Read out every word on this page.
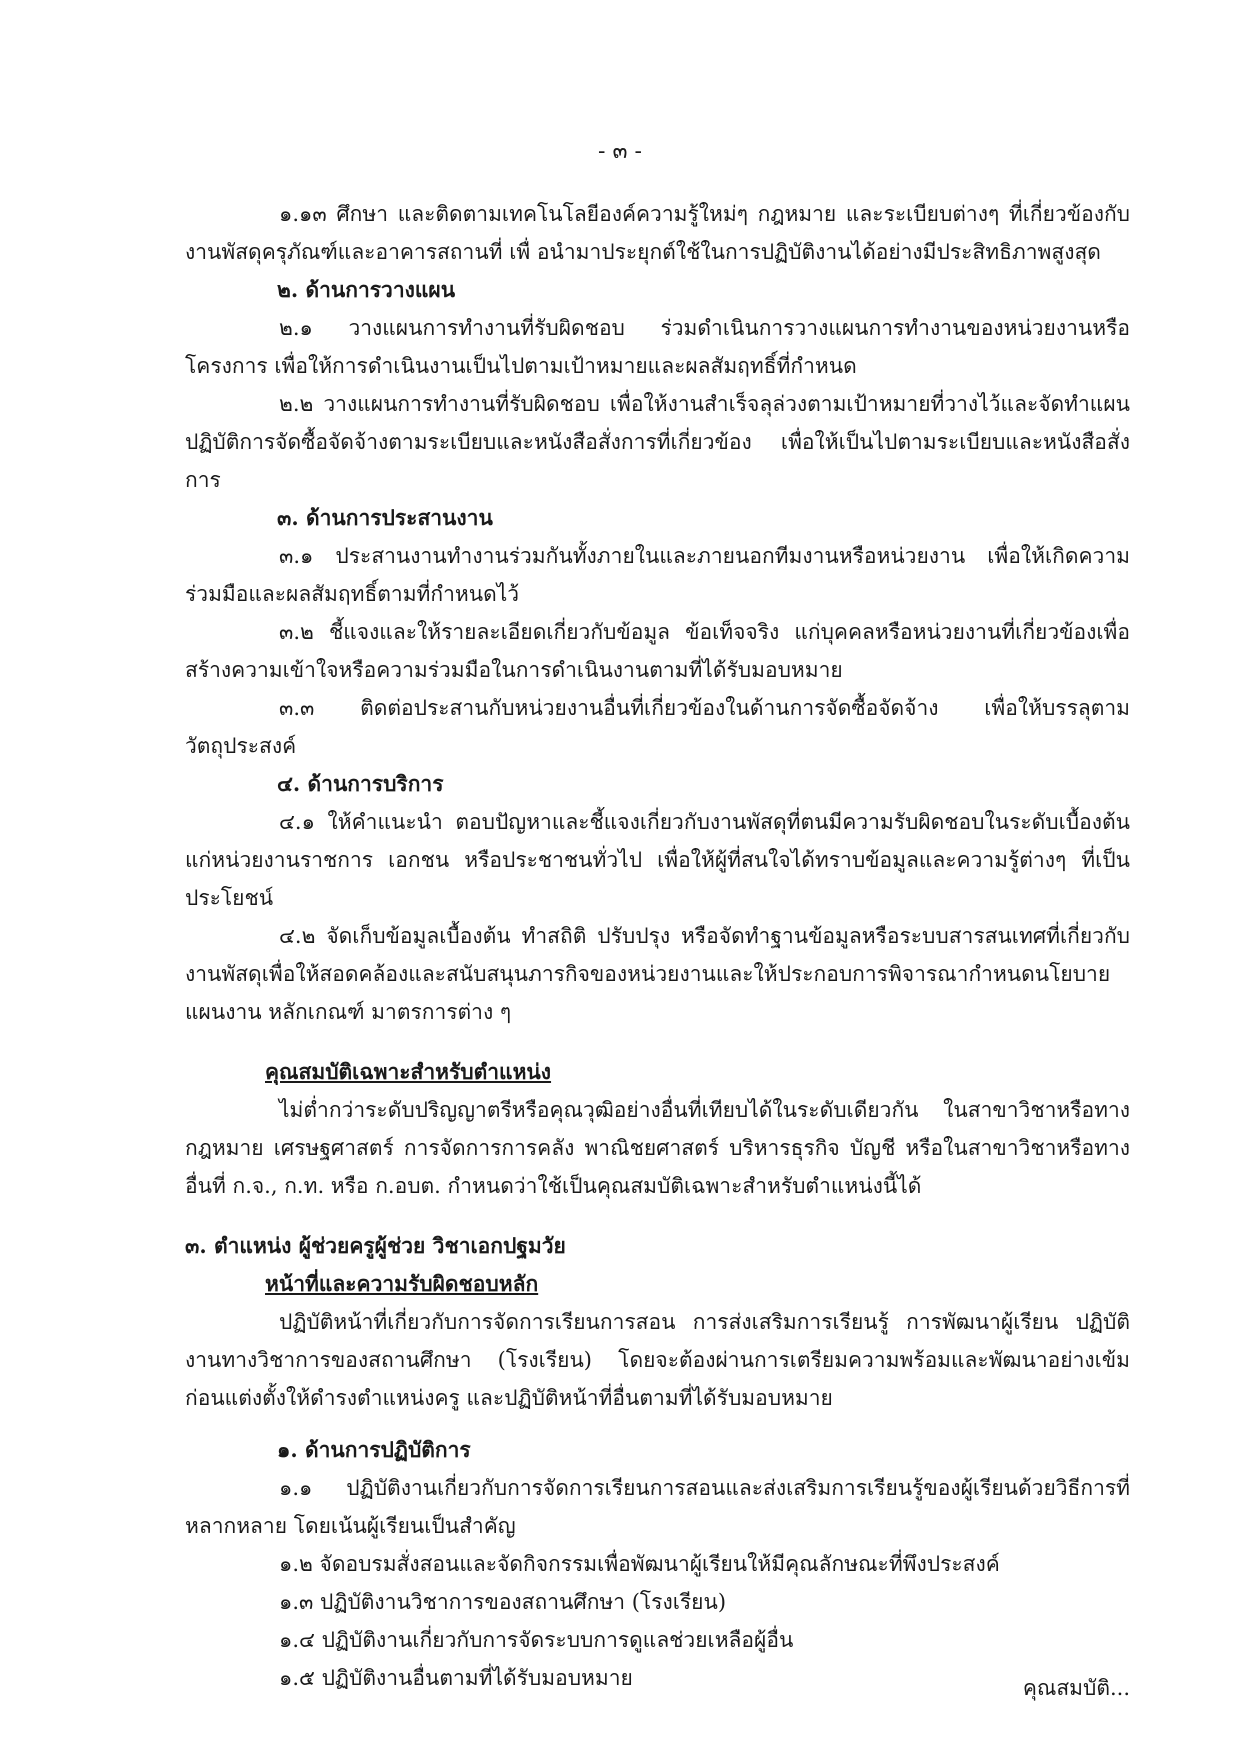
- ๓ -

๑.๑๓ ศึกษา และติดตามเทคโนโลยีองค์ความรู้ใหม่ๆ กฎหมาย และระเบียบต่างๆ ที่เกี่ยวข้องกับงานพัสดุครุภัณฑ์และอาคารสถานที่ เพื่ อนำมาประยุกต์ใช้ในการปฏิบัติงานได้อย่างมีประสิทธิภาพสูงสุด

๒. ด้านการวางแผน

๒.๑ วางแผนการทำงานที่รับผิดชอบ ร่วมดำเนินการวางแผนการทำงานของหน่วยงานหรือโครงการ เพื่อให้การดำเนินงานเป็นไปตามเป้าหมายและผลสัมฤทธิ์ที่กำหนด

๒.๒ วางแผนการทำงานที่รับผิดชอบ เพื่อให้งานสำเร็จลุล่วงตามเป้าหมายที่วางไว้และจัดทำแผนปฏิบัติการจัดซื้อจัดจ้างตามระเบียบและหนังสือสั่งการที่เกี่ยวข้อง เพื่อให้เป็นไปตามระเบียบและหนังสือสั่งการ

๓. ด้านการประสานงาน

๓.๑ ประสานงานทำงานร่วมกันทั้งภายในและภายนอกทีมงานหรือหน่วยงาน เพื่อให้เกิดความร่วมมือและผลสัมฤทธิ์ตามที่กำหนดไว้

๓.๒ ชี้แจงและให้รายละเอียดเกี่ยวกับข้อมูล ข้อเท็จจริง แก่บุคคลหรือหน่วยงานที่เกี่ยวข้องเพื่อสร้างความเข้าใจหรือความร่วมมือในการดำเนินงานตามที่ได้รับมอบหมาย

๓.๓ ติดต่อประสานกับหน่วยงานอื่นที่เกี่ยวข้องในด้านการจัดซื้อจัดจ้าง เพื่อให้บรรลุตามวัตถุประสงค์

๔. ด้านการบริการ

๔.๑ ให้คำแนะนำ ตอบปัญหาและชี้แจงเกี่ยวกับงานพัสดุที่ตนมีความรับผิดชอบในระดับเบื้องต้นแก่หน่วยงานราชการ เอกชน หรือประชาชนทั่วไป เพื่อให้ผู้ที่สนใจได้ทราบข้อมูลและความรู้ต่างๆ ที่เป็นประโยชน์

๔.๒ จัดเก็บข้อมูลเบื้องต้น ทำสถิติ ปรับปรุง หรือจัดทำฐานข้อมูลหรือระบบสารสนเทศที่เกี่ยวกับงานพัสดุเพื่อให้สอดคล้องและสนับสนุนภารกิจของหน่วยงานและให้ประกอบการพิจารณากำหนดนโยบายแผนงาน หลักเกณฑ์ มาตรการต่าง ๆ

คุณสมบัติเฉพาะสำหรับตำแหน่ง

ไม่ต่ำกว่าระดับปริญญาตรีหรือคุณวุฒิอย่างอื่นที่เทียบได้ในระดับเดียวกัน ในสาขาวิชาหรือทางกฎหมาย เศรษฐศาสตร์ การจัดการการคลัง พาณิชยศาสตร์ บริหารธุรกิจ บัญชี หรือในสาขาวิชาหรือทางอื่นที่ ก.จ., ก.ท. หรือ ก.อบต. กำหนดว่าใช้เป็นคุณสมบัติเฉพาะสำหรับตำแหน่งนี้ได้

๓. ตำแหน่ง ผู้ช่วยครูผู้ช่วย วิชาเอกปฐมวัย

หน้าที่และความรับผิดชอบหลัก

ปฏิบัติหน้าที่เกี่ยวกับการจัดการเรียนการสอน การส่งเสริมการเรียนรู้ การพัฒนาผู้เรียน ปฏิบัติงานทางวิชาการของสถานศึกษา (โรงเรียน) โดยจะต้องผ่านการเตรียมความพร้อมและพัฒนาอย่างเข้มก่อนแต่งตั้งให้ดำรงตำแหน่งครู และปฏิบัติหน้าที่อื่นตามที่ได้รับมอบหมาย

๑. ด้านการปฏิบัติการ

๑.๑ ปฏิบัติงานเกี่ยวกับการจัดการเรียนการสอนและส่งเสริมการเรียนรู้ของผู้เรียนด้วยวิธีการที่หลากหลาย โดยเน้นผู้เรียนเป็นสำคัญ

๑.๒ จัดอบรมสั่งสอนและจัดกิจกรรมเพื่อพัฒนาผู้เรียนให้มีคุณลักษณะที่พึงประสงค์

๑.๓ ปฏิบัติงานวิชาการของสถานศึกษา (โรงเรียน)

๑.๔ ปฏิบัติงานเกี่ยวกับการจัดระบบการดูแลช่วยเหลือผู้อื่น

๑.๕ ปฏิบัติงานอื่นตามที่ได้รับมอบหมาย	คุณสมบัติ...
